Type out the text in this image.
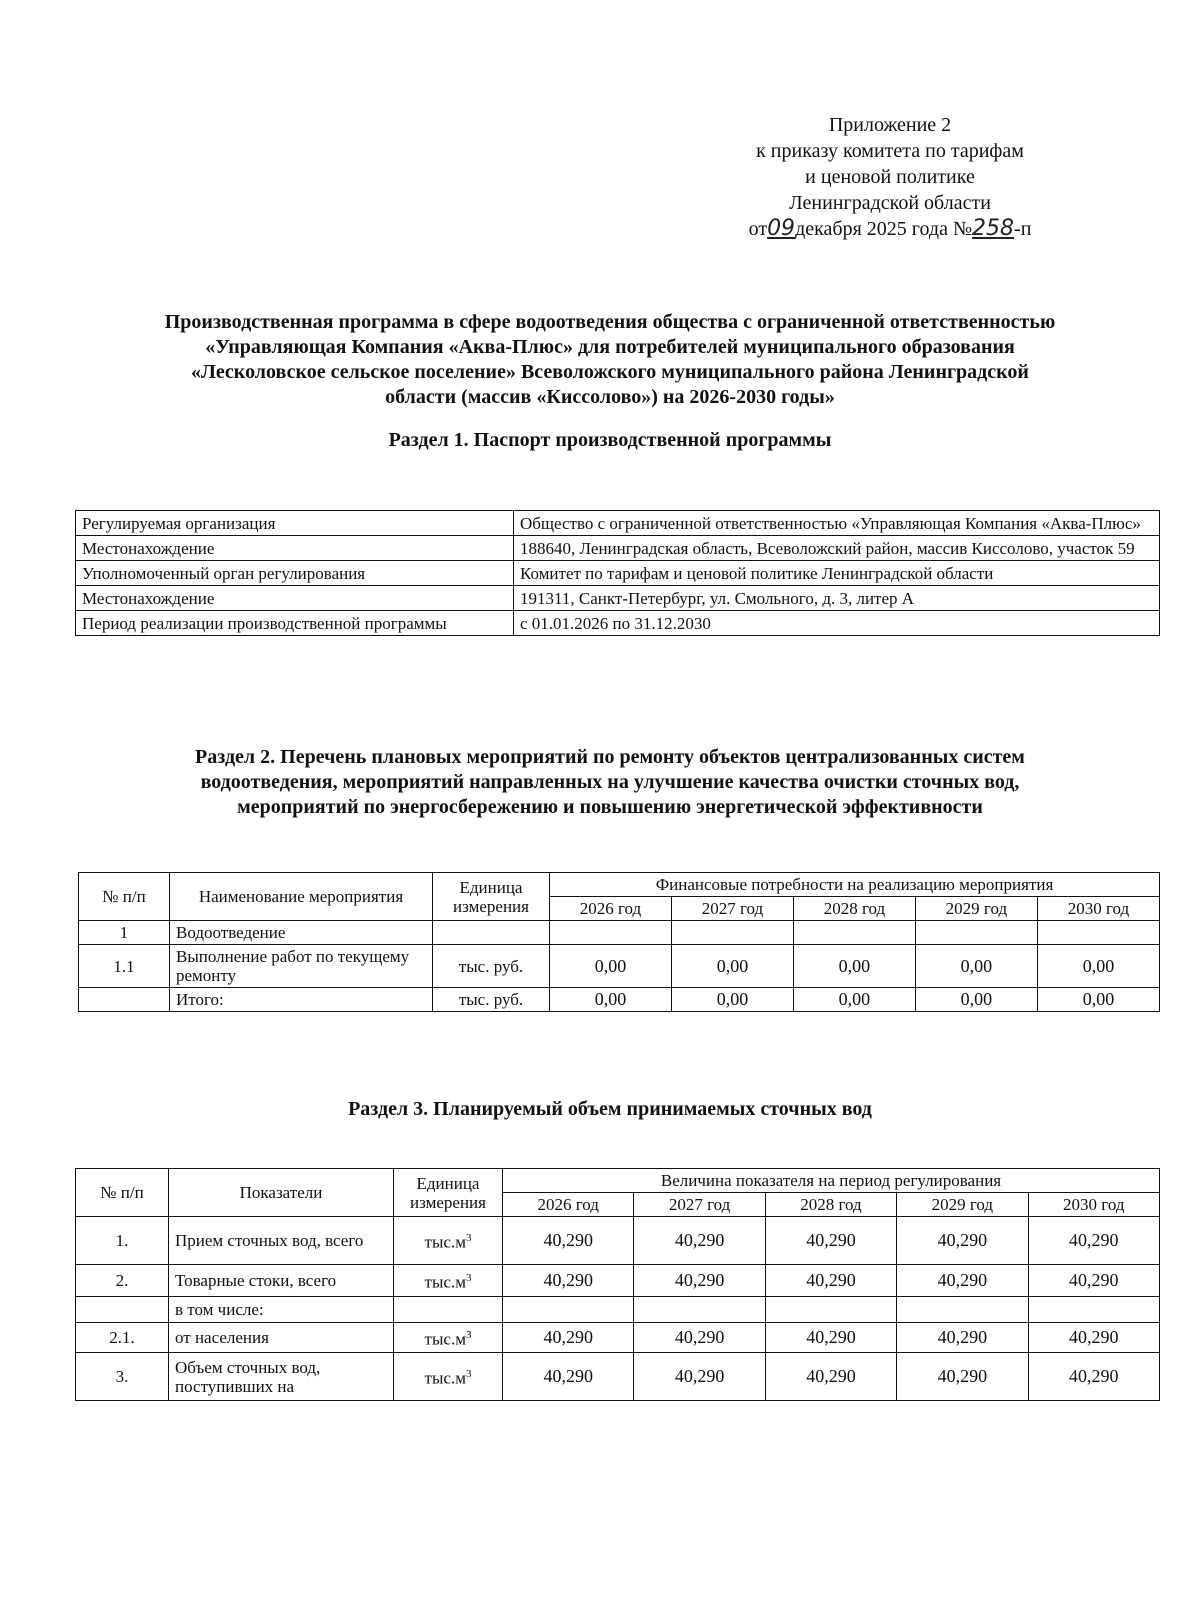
Приложение 2
к приказу комитета по тарифам
и ценовой политике
Ленинградской области
от09декабря 2025 года №258-п
Производственная программа в сфере водоотведения общества с ограниченной ответственностью
«Управляющая Компания «Аква-Плюс» для потребителей муниципального образования
«Лесколовское сельское поселение» Всеволожского муниципального района Ленинградской
области (массив «Киссолово») на 2026-2030 годы»
Раздел 1. Паспорт производственной программы
Регулируемая организация	Общество с ограниченной ответственностью «Управляющая Компания «Аква-Плюс»
Местонахождение	188640, Ленинградская область, Всеволожский район, массив Киссолово, участок 59
Уполномоченный орган регулирования	Комитет по тарифам и ценовой политике Ленинградской области
Местонахождение	191311, Санкт-Петербург, ул. Смольного, д. 3, литер А
Период реализации производственной программы	с 01.01.2026 по 31.12.2030
Раздел 2. Перечень плановых мероприятий по ремонту объектов централизованных систем
водоотведения, мероприятий направленных на улучшение качества очистки сточных вод,
мероприятий по энергосбережению и повышению энергетической эффективности
№ п/п	Наименование мероприятия	Единица измерения	Финансовые потребности на реализацию мероприятия				
			2026 год	2027 год	2028 год	2029 год	2030 год
1	Водоотведение						
1.1	Выполнение работ по текущему ремонту	тыс. руб.	0,00	0,00	0,00	0,00	0,00
	Итого:	тыс. руб.	0,00	0,00	0,00	0,00	0,00
Раздел 3. Планируемый объем принимаемых сточных вод
№ п/п	Показатели	Единица измерения	Величина показателя на период регулирования				
			2026 год	2027 год	2028 год	2029 год	2030 год
1.	Прием сточных вод, всего	$тыс.м^3$	40,290	40,290	40,290	40,290	40,290
2.	Товарные стоки, всего	$тыс.м^3$	40,290	40,290	40,290	40,290	40,290
	в том числе:						
2.1.	от населения	$тыс.м^3$	40,290	40,290	40,290	40,290	40,290
3.	Объем сточных вод, поступивших на	$тыс.м^3$	40,290	40,290	40,290	40,290	40,290
